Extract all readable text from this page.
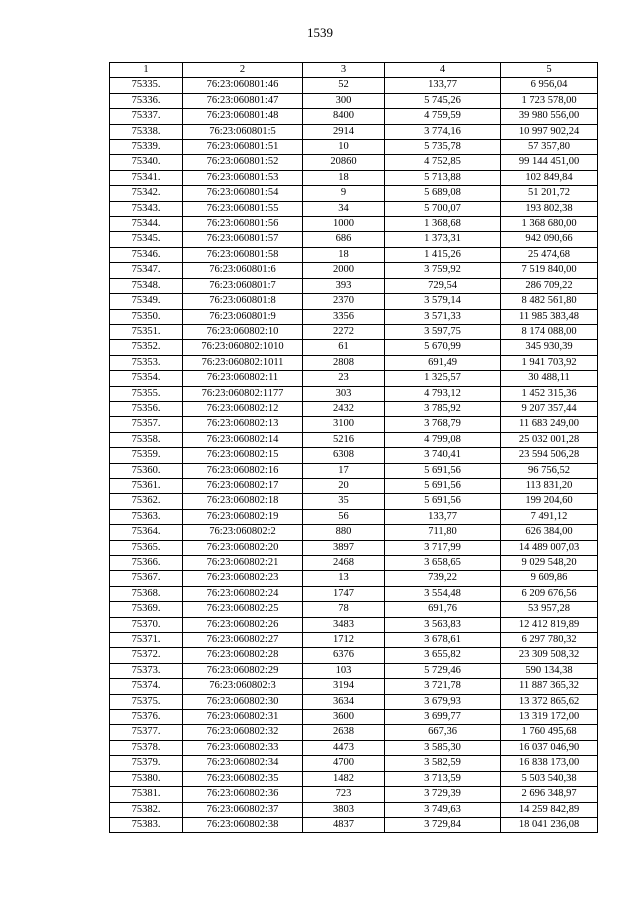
1539
1	2	3	4	5
75335.	76:23:060801:46	52	133,77	6 956,04
75336.	76:23:060801:47	300	5 745,26	1 723 578,00
75337.	76:23:060801:48	8400	4 759,59	39 980 556,00
75338.	76:23:060801:5	2914	3 774,16	10 997 902,24
75339.	76:23:060801:51	10	5 735,78	57 357,80
75340.	76:23:060801:52	20860	4 752,85	99 144 451,00
75341.	76:23:060801:53	18	5 713,88	102 849,84
75342.	76:23:060801:54	9	5 689,08	51 201,72
75343.	76:23:060801:55	34	5 700,07	193 802,38
75344.	76:23:060801:56	1000	1 368,68	1 368 680,00
75345.	76:23:060801:57	686	1 373,31	942 090,66
75346.	76:23:060801:58	18	1 415,26	25 474,68
75347.	76:23:060801:6	2000	3 759,92	7 519 840,00
75348.	76:23:060801:7	393	729,54	286 709,22
75349.	76:23:060801:8	2370	3 579,14	8 482 561,80
75350.	76:23:060801:9	3356	3 571,33	11 985 383,48
75351.	76:23:060802:10	2272	3 597,75	8 174 088,00
75352.	76:23:060802:1010	61	5 670,99	345 930,39
75353.	76:23:060802:1011	2808	691,49	1 941 703,92
75354.	76:23:060802:11	23	1 325,57	30 488,11
75355.	76:23:060802:1177	303	4 793,12	1 452 315,36
75356.	76:23:060802:12	2432	3 785,92	9 207 357,44
75357.	76:23:060802:13	3100	3 768,79	11 683 249,00
75358.	76:23:060802:14	5216	4 799,08	25 032 001,28
75359.	76:23:060802:15	6308	3 740,41	23 594 506,28
75360.	76:23:060802:16	17	5 691,56	96 756,52
75361.	76:23:060802:17	20	5 691,56	113 831,20
75362.	76:23:060802:18	35	5 691,56	199 204,60
75363.	76:23:060802:19	56	133,77	7 491,12
75364.	76:23:060802:2	880	711,80	626 384,00
75365.	76:23:060802:20	3897	3 717,99	14 489 007,03
75366.	76:23:060802:21	2468	3 658,65	9 029 548,20
75367.	76:23:060802:23	13	739,22	9 609,86
75368.	76:23:060802:24	1747	3 554,48	6 209 676,56
75369.	76:23:060802:25	78	691,76	53 957,28
75370.	76:23:060802:26	3483	3 563,83	12 412 819,89
75371.	76:23:060802:27	1712	3 678,61	6 297 780,32
75372.	76:23:060802:28	6376	3 655,82	23 309 508,32
75373.	76:23:060802:29	103	5 729,46	590 134,38
75374.	76:23:060802:3	3194	3 721,78	11 887 365,32
75375.	76:23:060802:30	3634	3 679,93	13 372 865,62
75376.	76:23:060802:31	3600	3 699,77	13 319 172,00
75377.	76:23:060802:32	2638	667,36	1 760 495,68
75378.	76:23:060802:33	4473	3 585,30	16 037 046,90
75379.	76:23:060802:34	4700	3 582,59	16 838 173,00
75380.	76:23:060802:35	1482	3 713,59	5 503 540,38
75381.	76:23:060802:36	723	3 729,39	2 696 348,97
75382.	76:23:060802:37	3803	3 749,63	14 259 842,89
75383.	76:23:060802:38	4837	3 729,84	18 041 236,08
